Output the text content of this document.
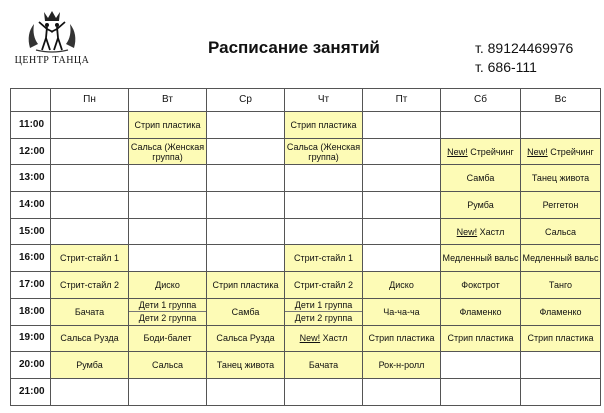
ЦЕНТР ТАНЦА
Расписание занятий	т. 89124469976
т. 686-111
	Пн	Вт	Ср	Чт	Пт	Сб	Вс
11:00		Стрип пластика		Стрип пластика			
12:00		Сальса (Женская группа)		Сальса (Женская группа)		New! Стрейчинг	New! Стрейчинг
13:00						Самба	Танец живота
14:00						Румба	Реггетон
15:00						New! Хастл	Сальса
16:00	Стрит-стайл 1			Стрит-стайл 1		Медленный вальс	Медленный вальс
17:00	Стрит-стайл 2	Диско	Стрип пластика	Стрит-стайл 2	Диско	Фокстрот	Танго
18:00	Бачата	Дети 1 группа
Дети 2 группа	Самба	Дети 1 группа
Дети 2 группа	Ча-ча-ча	Фламенко	Фламенко
19:00	Сальса Рузда	Боди-балет	Сальса Рузда	New! Хастл	Стрип пластика	Стрип пластика	Стрип пластика
20:00	Румба	Сальса	Танец живота	Бачата	Рок-н-ролл		
21:00							
